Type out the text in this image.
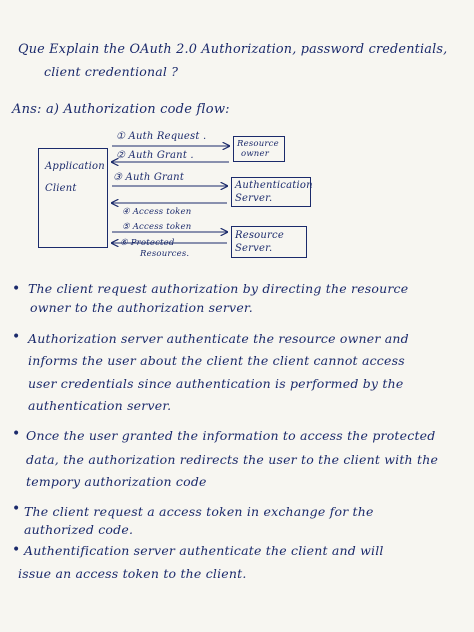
Que Explain the OAuth 2.0 Authorization, password credentials,
client credentional ?
Ans: a) Authorization code flow:
Application
Client
Resource
owner
Authentication
Server.
Resource
Server.
① Auth Request .
② Auth Grant .
③ Auth Grant
④ Access token
⑤ Access token
⑥ Protected
Resources.
• The client request authorization by directing the resource
owner to the authorization server.
• Authorization server authenticate the resource owner and
informs the user about the client the client cannot access
user credentials since authentication is performed by the
authentication server.
• Once the user granted the information to access the protected
data, the authorization redirects the user to the client with the
tempory authorization code
• The client request a access token in exchange for the
authorized code.
• Authentification server authenticate the client and will
issue an access token to the client.
